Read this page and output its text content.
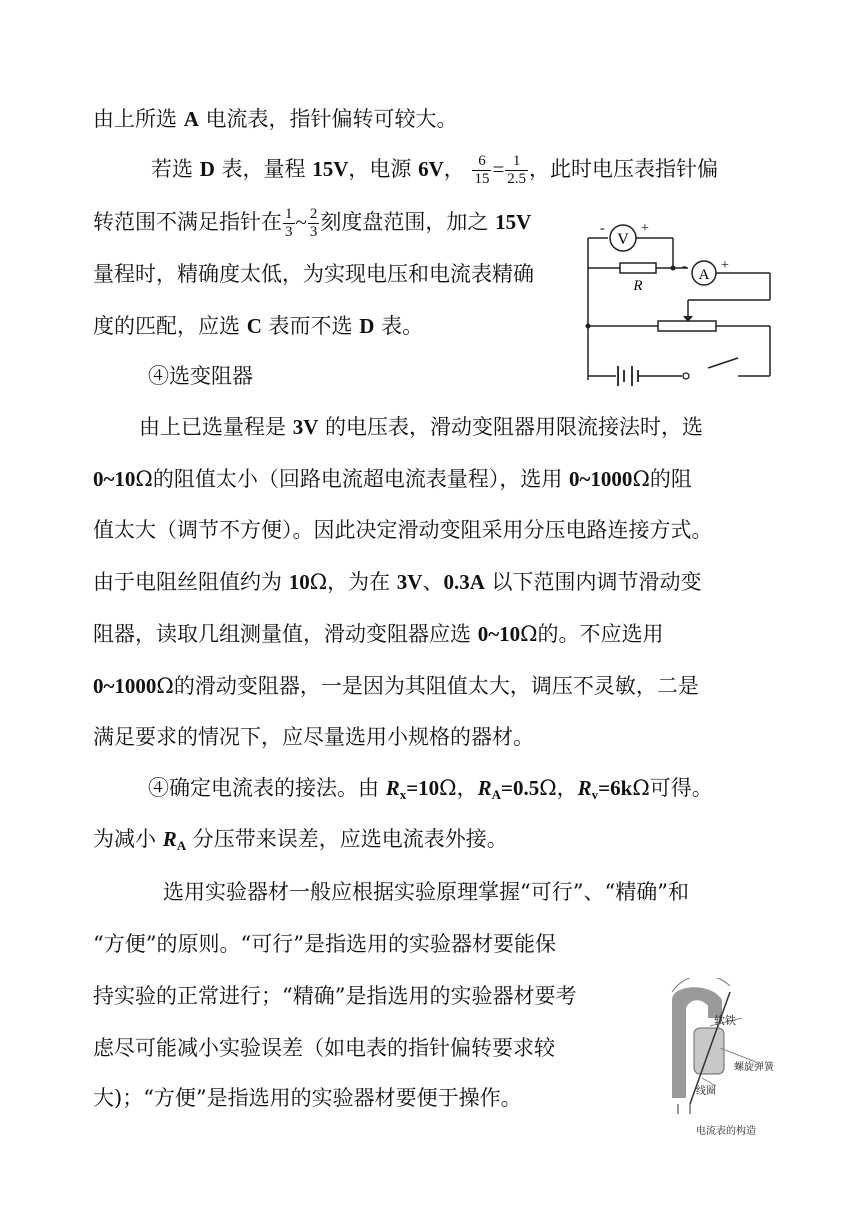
由上所选 A 电流表，指针偏转可较大。
若选 D 表，量程 15V，电源 6V， $\frac{6}{15} = \frac{1}{2.5}$ ，此时电压表指针偏
转范围不满足指针在 $\frac{1}{3}$ ~ $\frac{2}{3}$ 刻度盘范围，加之 15V
量程时，精确度太低，为实现电压和电流表精确
度的匹配，应选 C 表而不选 D 表。
④选变阻器
V
A
R
-	+
- +
由上已选量程是 3V 的电压表，滑动变阻器用限流接法时，选
0~10Ω的阻值太小（回路电流超电流表量程），选用 0~1000Ω的阻
值太大（调节不方便）。因此决定滑动变阻采用分压电路连接方式。
由于电阻丝阻值约为 10Ω，为在 3V、0.3A 以下范围内调节滑动变
阻器，读取几组测量值，滑动变阻器应选 0~10Ω的。不应选用
0~1000Ω的滑动变阻器，一是因为其阻值太大，调压不灵敏，二是
满足要求的情况下，应尽量选用小规格的器材。
④确定电流表的接法。由 $R_x=10\Omega$，$R_A=0.5\Omega$，$R_v=6k\Omega$可得。
为减小 $R_A$ 分压带来误差，应选电流表外接。
选用实验器材一般应根据实验原理掌握“可行”、“精确”和
“方便”的原则。“可行”是指选用的实验器材要能保
持实验的正常进行；“精确”是指选用的实验器材要考
虑尽可能减小实验误差（如电表的指针偏转要求较
大)；“方便”是指选用的实验器材要便于操作。
软铁
螺旋弹簧
线圈
电流表的构造
